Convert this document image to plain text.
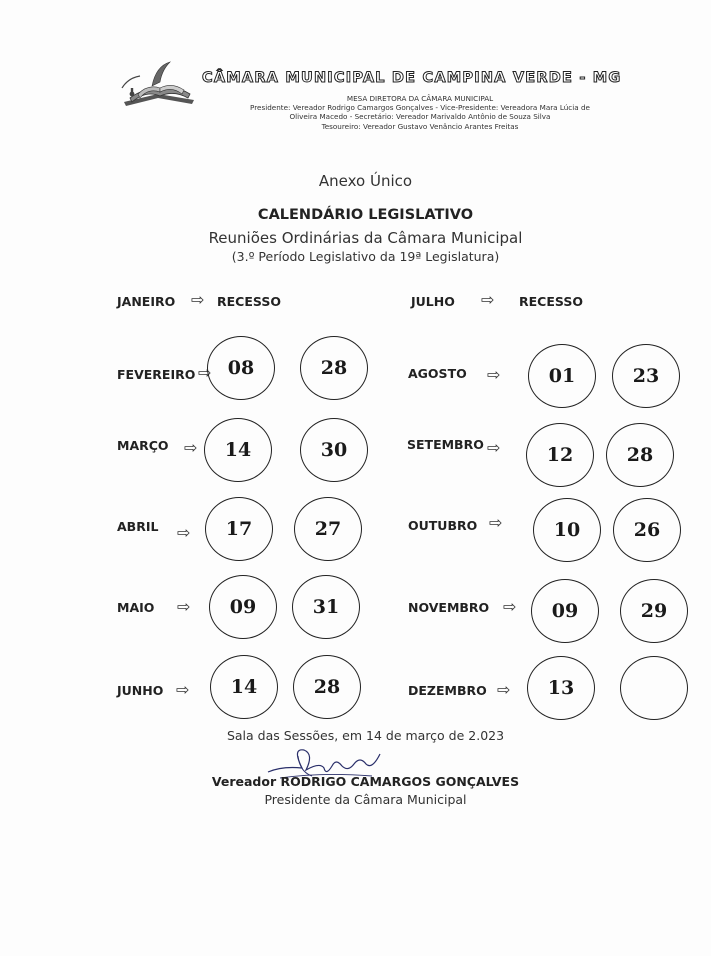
CÂMARA MUNICIPAL DE CAMPINA VERDE - MG
MESA DIRETORA DA CÂMARA MUNICIPAL
Presidente: Vereador Rodrigo Camargos Gonçalves - Vice-Presidente: Vereadora Mara Lúcia de
Oliveira Macedo - Secretário: Vereador Marivaldo Antônio de Souza Silva
Tesoureiro: Vereador Gustavo Venâncio Arantes Freitas
Anexo Único
CALENDÁRIO LEGISLATIVO
Reuniões Ordinárias da Câmara Municipal
(3.º Período Legislativo da 19ª Legislatura)
JANEIRO ⇨ RECESSO
FEVEREIRO ⇨ 08	28
MARÇO ⇨	14	30
ABRIL ⇨	17	27
MAIO ⇨	09	31
JUNHO ⇨	14	28
JULHO ⇨ RECESSO
AGOSTO ⇨	01	23
SETEMBRO ⇨	12	28
OUTUBRO ⇨	10	26
NOVEMBRO ⇨	09	29
DEZEMBRO ⇨	13
Sala das Sessões, em 14 de março de 2.023
Vereador RODRIGO CAMARGOS GONÇALVES
Presidente da Câmara Municipal
